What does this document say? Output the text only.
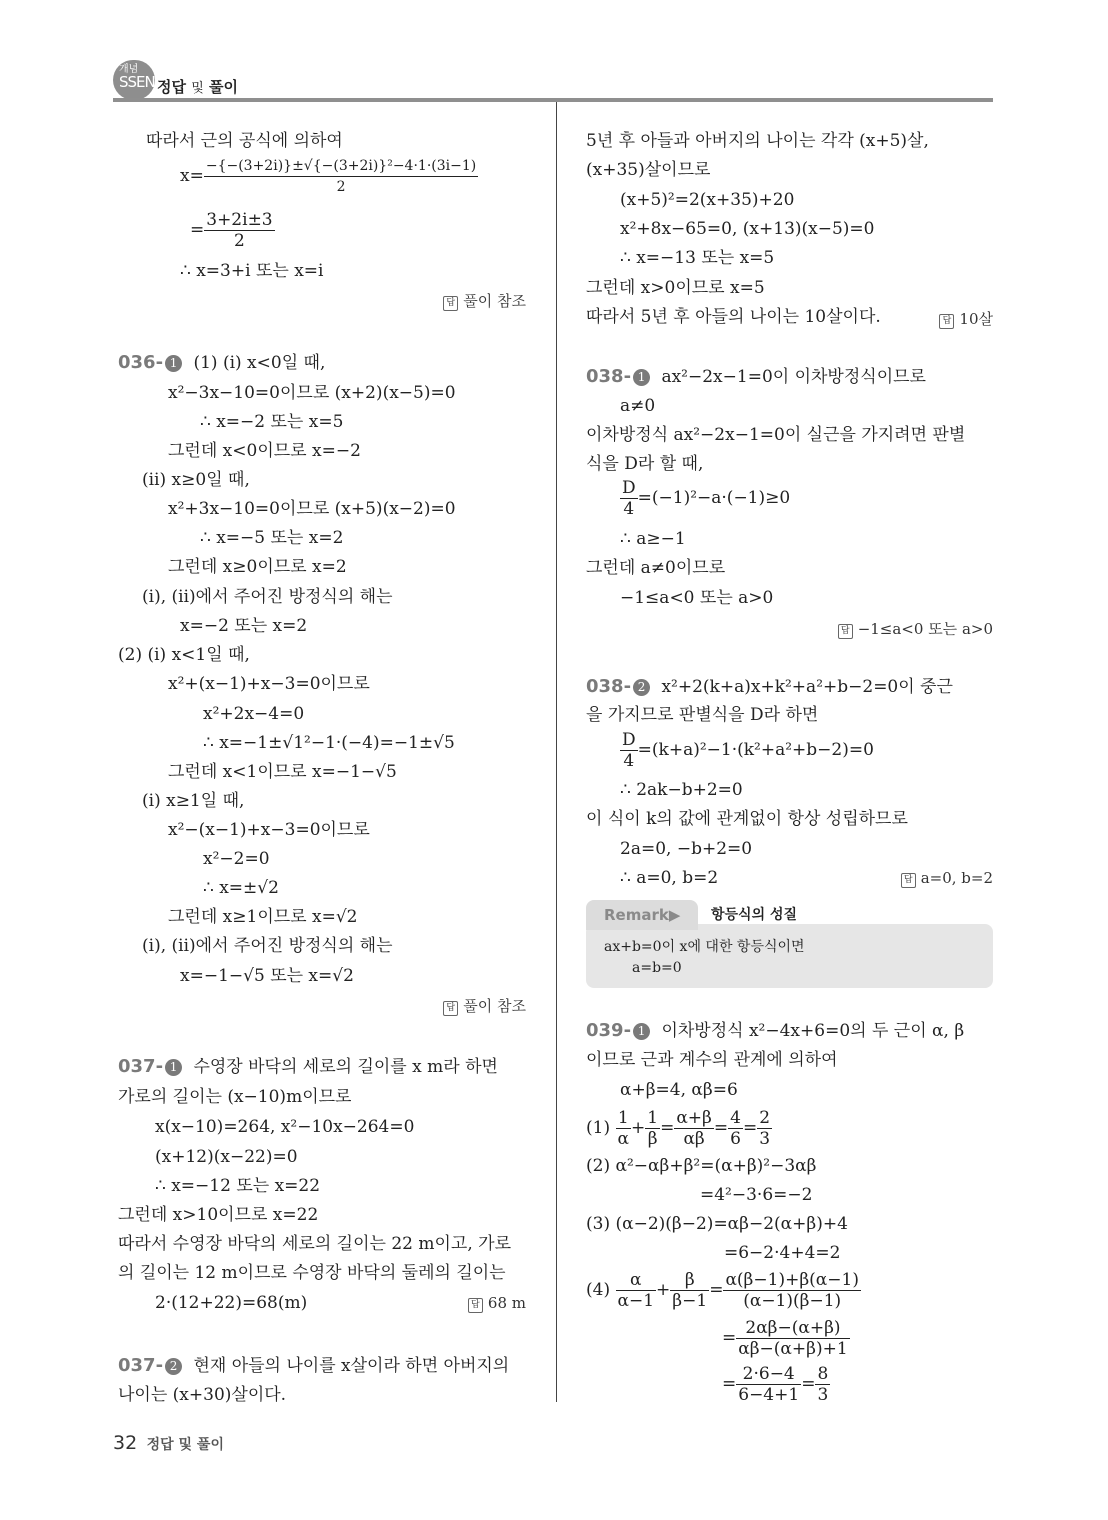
개념
SSEN 정답 및 풀이
따라서 근의 공식에 의하여
$x= \frac{\text{−\{−(3+2i)\}±√\{−(3+2i)\}²−4·1·(3i−1)}}{2}$
= $\frac{3+2i\pm 3}{2}$
∴ x=3+i 또는 x=i
답 풀이 참조
036- 1 (1) (ⅰ) x<0일 때,
x²−3x−10=0이므로 (x+2)(x−5)=0
∴ x=−2 또는 x=5
그런데 x<0이므로 x=−2
(ⅱ) x≥0일 때,
x²+3x−10=0이므로 (x+5)(x−2)=0
∴ x=−5 또는 x=2
그런데 x≥0이므로 x=2
(ⅰ), (ⅱ)에서 주어진 방정식의 해는
x=−2 또는 x=2
(2) (ⅰ) x<1일 때,
x²+(x−1)+x−3=0이므로
x²+2x−4=0
∴ x=−1±√1²−1·(−4)=−1±√5
그런데 x<1이므로 x=−1−√5
(ⅰ) x≥1일 때,
x²−(x−1)+x−3=0이므로
x²−2=0
∴ x=±√2
그런데 x≥1이므로 x=√2
(ⅰ), (ⅱ)에서 주어진 방정식의 해는
x=−1−√5 또는 x=√2
답 풀이 참조
037- 1 수영장 바닥의 세로의 길이를 x m라 하면
가로의 길이는 (x−10)m이므로
x(x−10)=264, x²−10x−264=0
(x+12)(x−22)=0
∴ x=−12 또는 x=22
그런데 x>10이므로 x=22
따라서 수영장 바닥의 세로의 길이는 22 m이고, 가로
의 길이는 12 m이므로 수영장 바닥의 둘레의 길이는
2·(12+22)=68(m)	답 68 m
037- 2 현재 아들의 나이를 x살이라 하면 아버지의
나이는 (x+30)살이다.
5년 후 아들과 아버지의 나이는 각각 (x+5)살,
(x+35)살이므로
(x+5)²=2(x+35)+20
x²+8x−65=0, (x+13)(x−5)=0
∴ x=−13 또는 x=5
그런데 x>0이므로 x=5
따라서 5년 후 아들의 나이는 10살이다.	답 10살
038- 1 ax²−2x−1=0이 이차방정식이므로
a≠0
이차방정식 ax²−2x−1=0이 실근을 가지려면 판별
식을 D라 할 때,
$\frac{D}{4} =(-1)^2-a\cdot(-1)\ge 0$
∴ a≥−1
그런데 a≠0이므로
−1≤a<0 또는 a>0
답 −1≤a<0 또는 a>0
038- 2 x²+2(k+a)x+k²+a²+b−2=0이 중근
을 가지므로 판별식을 D라 하면
$\frac{D}{4} =(k+a)^2-1\cdot(k^2+a^2+b-2)=0$
∴ 2ak−b+2=0
이 식이 k의 값에 관계없이 항상 성립하므로
2a=0, −b+2=0
∴ a=0, b=2	답 a=0, b=2
Remark▶	항등식의 성질
ax+b=0이 x에 대한 항등식이면
a=b=0
039- 1 이차방정식 x²−4x+6=0의 두 근이 α, β
이므로 근과 계수의 관계에 의하여
α+β=4, αβ=6
$(1) \frac{1}{\alpha} + \frac{1}{\beta} = \frac{\alpha+\beta}{\alpha\beta} = \frac{4}{6} = \frac{2}{3}$
(2) α²−αβ+β²=(α+β)²−3αβ
=4²−3·6=−2
(3) (α−2)(β−2)=αβ−2(α+β)+4
=6−2·4+4=2
$(4) \frac{\alpha}{\alpha-1} + \frac{\beta}{\beta-1} = \frac{\alpha(\beta-1)+\beta(\alpha-1)}{(\alpha-1)(\beta-1)}$
= $\frac{2\alpha\beta-(\alpha+\beta)}{\alpha\beta-(\alpha+\beta)+1}$
= $\frac{2\cdot 6-4}{6-4+1} = \frac{8}{3}$
32 정답 및 풀이
